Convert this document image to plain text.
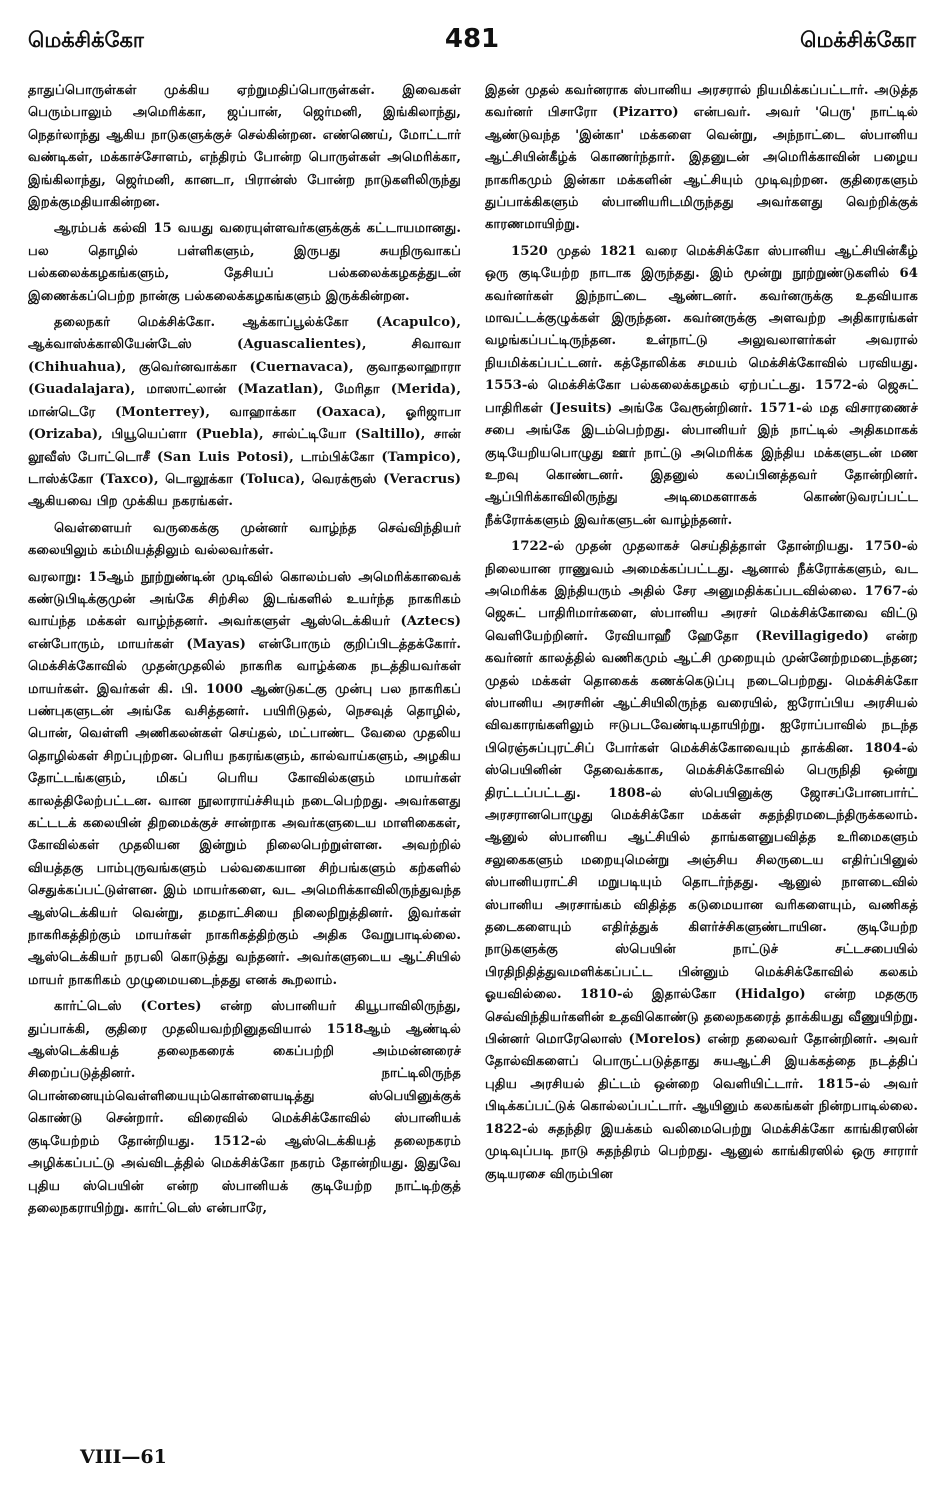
மெக்சிக்கோ	481	மெக்சிக்கோ

தாதுப்பொருள்கள் முக்கிய ஏற்றுமதிப்பொருள்கள். இவைகள் பெரும்பாலும் அமெரிக்கா, ஜப்பான், ஜெர்மனி, இங்கிலாந்து, நெதர்லாந்து ஆகிய நாடுகளுக்குச் செல்கின்றன. எண்ணெய், மோட்டார் வண்டிகள், மக்காச்சோளம், எந்திரம் போன்ற பொருள்கள் அமெரிக்கா, இங்கிலாந்து, ஜெர்மனி, கானடா, பிரான்ஸ் போன்ற நாடுகளிலிருந்து இறக்குமதியாகின்றன.

ஆரம்பக் கல்வி 15 வயது வரையுள்ளவர்களுக்குக் கட்டாயமானது. பல தொழில் பள்ளிகளும், இருபது சுயநிருவாகப் பல்கலைக்கழகங்களும், தேசியப் பல்கலைக்கழகத்துடன் இணைக்கப்பெற்ற நான்கு பல்கலைக்கழகங்களும் இருக்கின்றன.

தலைநகர் மெக்சிக்கோ. ஆக்காப்பூல்க்கோ (Acapulco), ஆக்வாஸ்க்காலியேன்டேஸ் (Aguascalientes), சிவாவா (Chihuahua), குவெர்னவாக்கா (Cuernavaca), குவாதலாஹாரா (Guadalajara), மாஸாட்லான் (Mazatlan), மேரிதா (Merida), மான்டெரே (Monterrey), வாஹாக்கா (Oaxaca), ஓரிஜாபா (Orizaba), பியூயெப்ளா (Puebla), சால்ட்டியோ (Saltillo), சான் லூவீஸ் போட்டொசீ (San Luis Potosi), டாம்பிக்கோ (Tampico), டாஸ்க்கோ (Taxco), டொலூக்கா (Toluca), வெரக்ரூஸ் (Veracrus) ஆகியவை பிற முக்கிய நகரங்கள்.

வெள்ளையர் வருகைக்கு முன்னர் வாழ்ந்த செவ்விந்தியர் கலையிலும் கம்மியத்திலும் வல்லவர்கள்.

வரலாறு: 15ஆம் நூற்றுண்டின் முடிவில் கொலம்பஸ் அமெரிக்காவைக் கண்டுபிடிக்குமுன் அங்கே சிற்சில இடங்களில் உயர்ந்த நாகரிகம் வாய்ந்த மக்கள் வாழ்ந்தனர். அவர்களுள் ஆஸ்டெக்கியர் (Aztecs) என்போரும், மாயர்கள் (Mayas) என்போரும் குறிப்பிடத்தக்கோர். மெக்சிக்கோவில் முதன்முதலில் நாகரிக வாழ்க்கை நடத்தியவர்கள் மாயர்கள். இவர்கள் கி. பி. 1000 ஆண்டுகட்கு முன்பு பல நாகரிகப் பண்புகளுடன் அங்கே வசித்தனர். பயிரிடுதல், நெசவுத் தொழில், பொன், வெள்ளி அணிகலன்கள் செய்தல், மட்பாண்ட வேலை முதலிய தொழில்கள் சிறப்புற்றன. பெரிய நகரங்களும், கால்வாய்களும், அழகிய தோட்டங்களும், மிகப் பெரிய கோவில்களும் மாயர்கள் காலத்திலேற்பட்டன. வான நூலாராய்ச்சியும் நடைபெற்றது. அவர்களது கட்டடக் கலையின் திறமைக்குச் சான்றாக அவர்களுடைய மாளிகைகள், கோவில்கள் முதலியன இன்றும் நிலைபெற்றுள்ளன. அவற்றில் வியத்தகு பாம்புருவங்களும் பல்வகையான சிற்பங்களும் கற்களில் செதுக்கப்பட்டுள்ளன. இம் மாயர்களை, வட அமெரிக்காவிலிருந்துவந்த ஆஸ்டெக்கியர் வென்று, தமதாட்சியை நிலைநிறுத்தினர். இவர்கள் நாகரிகத்திற்கும் மாயர்கள் நாகரிகத்திற்கும் அதிக வேறுபாடில்லை. ஆஸ்டெக்கியர் நரபலி கொடுத்து வந்தனர். அவர்களுடைய ஆட்சியில் மாயர் நாகரிகம் முழுமையடைந்தது எனக் கூறலாம்.

கார்ட்டெஸ் (Cortes) என்ற ஸ்பானியர் கியூபாவிலிருந்து, துப்பாக்கி, குதிரை முதலியவற்றினுதவியால் 1518ஆம் ஆண்டில் ஆஸ்டெக்கியத் தலைநகரைக் கைப்பற்றி அம்மன்னரைச் சிறைப்படுத்தினர். நாட்டிலிருந்த பொன்னையும்வெள்ளியையும்கொள்ளையடித்து ஸ்பெயினுக்குக் கொண்டு சென்றார். விரைவில் மெக்சிக்கோவில் ஸ்பானியக் குடியேற்றம் தோன்றியது. 1512-ல் ஆஸ்டெக்கியத் தலைநகரம் அழிக்கப்பட்டு அவ்விடத்தில் மெக்சிக்கோ நகரம் தோன்றியது. இதுவே புதிய ஸ்பெயின் என்ற ஸ்பானியக் குடியேற்ற நாட்டிற்குத் தலைநகராயிற்று. கார்ட்டெஸ் என்பாரே,

இதன் முதல் கவர்னராக ஸ்பானிய அரசரால் நியமிக்கப்பட்டார். அடுத்த கவர்னர் பிசாரோ (Pizarro) என்பவர். அவர் 'பெரு' நாட்டில் ஆண்டுவந்த 'இன்கா' மக்களை வென்று, அந்நாட்டை ஸ்பானிய ஆட்சியின்கீழ்க் கொணர்ந்தார். இதனுடன் அமெரிக்காவின் பழைய நாகரிகமும் இன்கா மக்களின் ஆட்சியும் முடிவுற்றன. குதிரைகளும் துப்பாக்கிகளும் ஸ்பானியரிடமிருந்தது அவர்களது வெற்றிக்குக் காரணமாயிற்று.

1520 முதல் 1821 வரை மெக்சிக்கோ ஸ்பானிய ஆட்சியின்கீழ் ஒரு குடியேற்ற நாடாக இருந்தது. இம் மூன்று நூற்றுண்டுகளில் 64 கவர்னர்கள் இந்நாட்டை ஆண்டனர். கவர்னருக்கு உதவியாக மாவட்டக்குழுக்கள் இருந்தன. கவர்னருக்கு அளவற்ற அதிகாரங்கள் வழங்கப்பட்டிருந்தன. உள்நாட்டு அலுவலாளர்கள் அவரால் நியமிக்கப்பட்டனர். கத்தோலிக்க சமயம் மெக்சிக்கோவில் பரவியது. 1553-ல் மெக்சிக்கோ பல்கலைக்கழகம் ஏற்பட்டது. 1572-ல் ஜெசுட் பாதிரிகள் (Jesuits) அங்கே வேரூன்றினர். 1571-ல் மத விசாரணைச் சபை அங்கே இடம்பெற்றது. ஸ்பானியர் இந் நாட்டில் அதிகமாகக் குடியேறியபொழுது ஊர் நாட்டு அமெரிக்க இந்திய மக்களுடன் மண உறவு கொண்டனர். இதனுல் கலப்பினத்தவர் தோன்றினர். ஆப்பிரிக்காவிலிருந்து அடிமைகளாகக் கொண்டுவரப்பட்ட நீக்ரோக்களும் இவர்களுடன் வாழ்ந்தனர்.

1722-ல் முதன் முதலாகச் செய்தித்தாள் தோன்றியது. 1750-ல் நிலையான ராணுவம் அமைக்கப்பட்டது. ஆனால் நீக்ரோக்களும், வட அமெரிக்க இந்தியரும் அதில் சேர அனுமதிக்கப்படவில்லை. 1767-ல் ஜெசுட் பாதிரிமார்களை, ஸ்பானிய அரசர் மெக்சிக்கோவை விட்டு வெளியேற்றினர். ரேவியாஹீ ஹேதோ (Revillagigedo) என்ற கவர்னர் காலத்தில் வணிகமும் ஆட்சி முறையும் முன்னேற்றமடைந்தன; முதல் மக்கள் தொகைக் கணக்கெடுப்பு நடைபெற்றது. மெக்சிக்கோ ஸ்பானிய அரசரின் ஆட்சியிலிருந்த வரையில், ஐரோப்பிய அரசியல் விவகாரங்களிலும் ஈடுபடவேண்டியதாயிற்று. ஐரோப்பாவில் நடந்த பிரெஞ்சுப்புரட்சிப் போர்கள் மெக்சிக்கோவையும் தாக்கின. 1804-ல் ஸ்பெயினின் தேவைக்காக, மெக்சிக்கோவில் பெருநிதி ஒன்று திரட்டப்பட்டது. 1808-ல் ஸ்பெயினுக்கு ஜோசப்போனபார்ட் அரசரானபொழுது மெக்சிக்கோ மக்கள் சுதந்திரமடைந்திருக்கலாம். ஆனுல் ஸ்பானிய ஆட்சியில் தாங்களனுபவித்த உரிமைகளும் சலுகைகளும் மறையுமென்று அஞ்சிய சிலருடைய எதிர்ப்பினுல் ஸ்பானியராட்சி மறுபடியும் தொடர்ந்தது. ஆனுல் நாளடைவில் ஸ்பானிய அரசாங்கம் விதித்த கடுமையான வரிகளையும், வணிகத் தடைகளையும் எதிர்த்துக் கிளர்ச்சிகளுண்டாயின. குடியேற்ற நாடுகளுக்கு ஸ்பெயின் நாட்டுச் சட்டசபையில் பிரதிநிதித்துவமளிக்கப்பட்ட பின்னும் மெக்சிக்கோவில் கலகம் ஓயவில்லை. 1810-ல் இதால்கோ (Hidalgo) என்ற மதகுரு செவ்விந்தியர்களின் உதவிகொண்டு தலைநகரைத் தாக்கியது வீணுயிற்று. பின்னர் மொரேலொஸ் (Morelos) என்ற தலைவர் தோன்றினர். அவர் தோல்விகளைப் பொருட்படுத்தாது சுயஆட்சி இயக்கத்தை நடத்திப் புதிய அரசியல் திட்டம் ஒன்றை வெளியிட்டார். 1815-ல் அவர் பிடிக்கப்பட்டுக் கொல்லப்பட்டார். ஆயினும் கலகங்கள் நின்றபாடில்லை. 1822-ல் சுதந்திர இயக்கம் வலிமைபெற்று மெக்சிக்கோ காங்கிரஸின் முடிவுப்படி நாடு சுதந்திரம் பெற்றது. ஆனுல் காங்கிரஸில் ஒரு சாரார் குடியரசை விரும்பின

VIII—61
